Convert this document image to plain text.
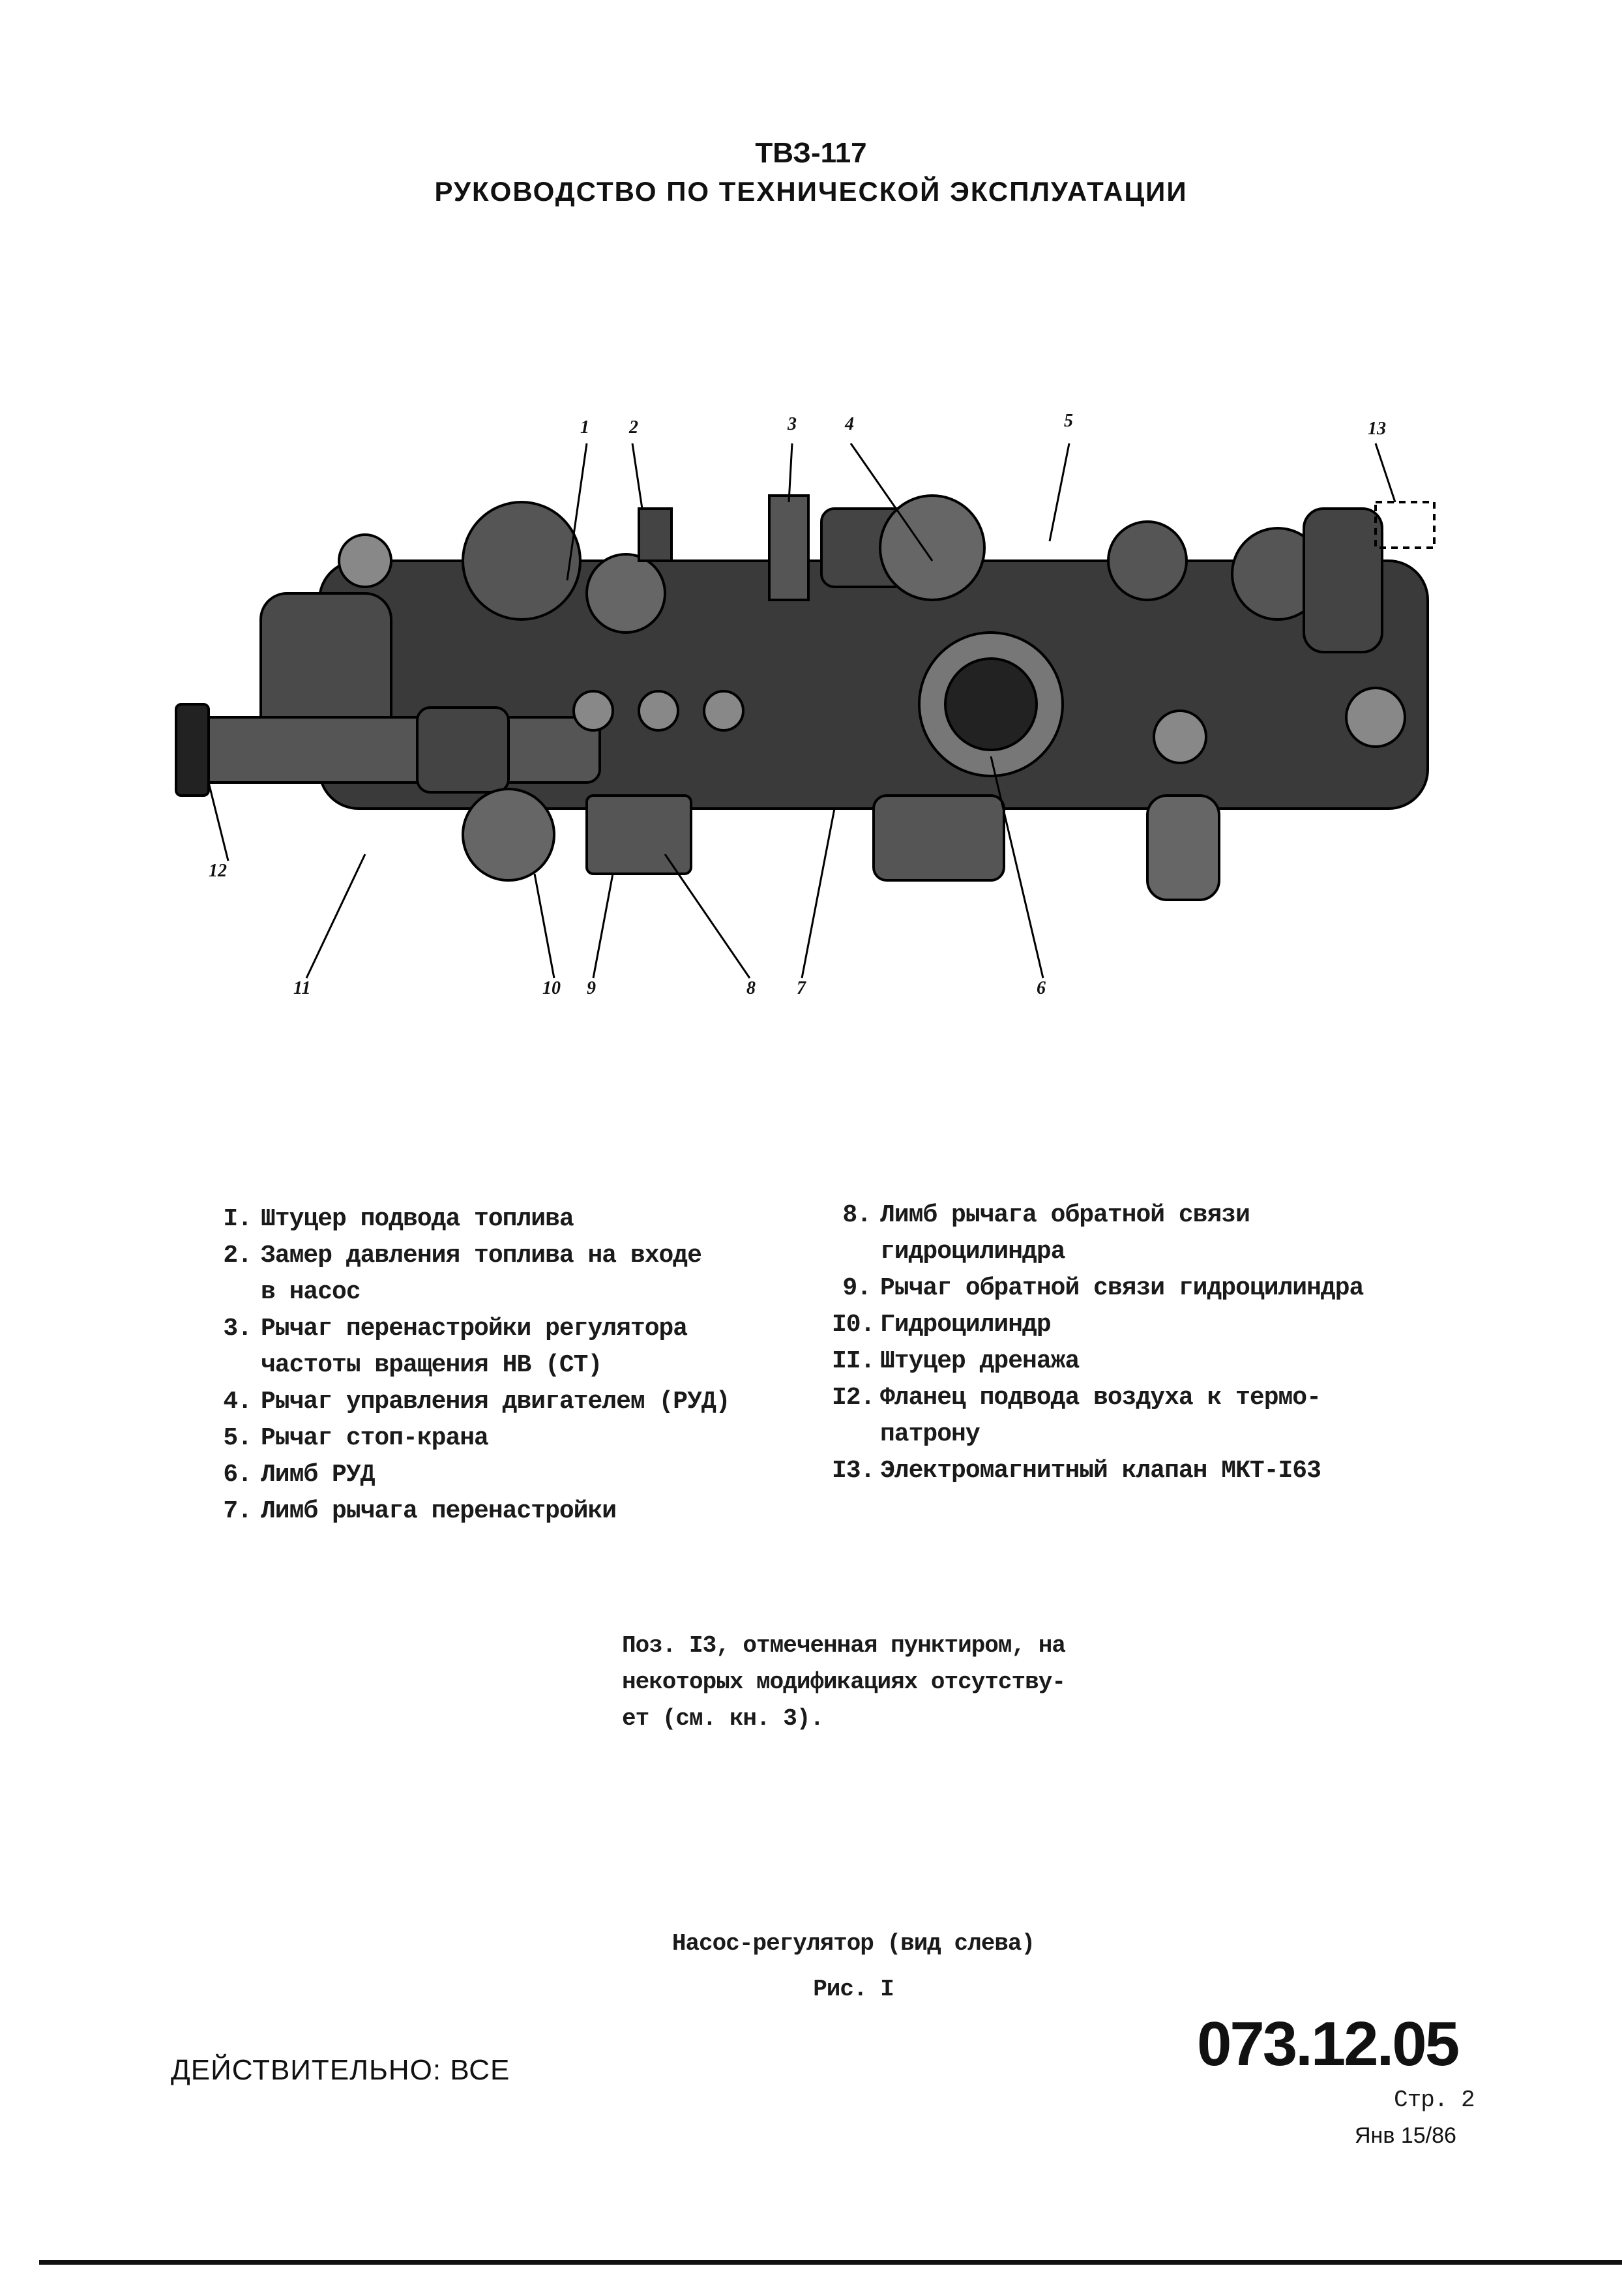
ТВЗ-117
РУКОВОДСТВО ПО ТЕХНИЧЕСКОЙ ЭКСПЛУАТАЦИИ
1 2	3	4	5	13
12
11	10 9	8 7	6
I. Штуцер подвода топлива
2. Замер давления топлива на входе
в насос
3. Рычаг перенастройки регулятора
частоты вращения НВ (СТ)
4. Рычаг управления двигателем (РУД)
5. Рычаг стоп-крана
6. Лимб РУД
7. Лимб рычага перенастройки
8. Лимб рычага обратной связи
гидроцилиндра
9. Рычаг обратной связи гидроцилиндра
I0. Гидроцилиндр
II. Штуцер дренажа
I2. Фланец подвода воздуха к термо-
патрону
I3. Электромагнитный клапан МКТ-I63
Поз. I3, отмеченная пунктиром, на
некоторых модификациях отсутству-
ет (см. кн. 3).
Насос-регулятор (вид слева)
Рис. I
ДЕЙСТВИТЕЛЬНО: ВСЕ	073.12.05
Стр. 2
Янв 15/86
